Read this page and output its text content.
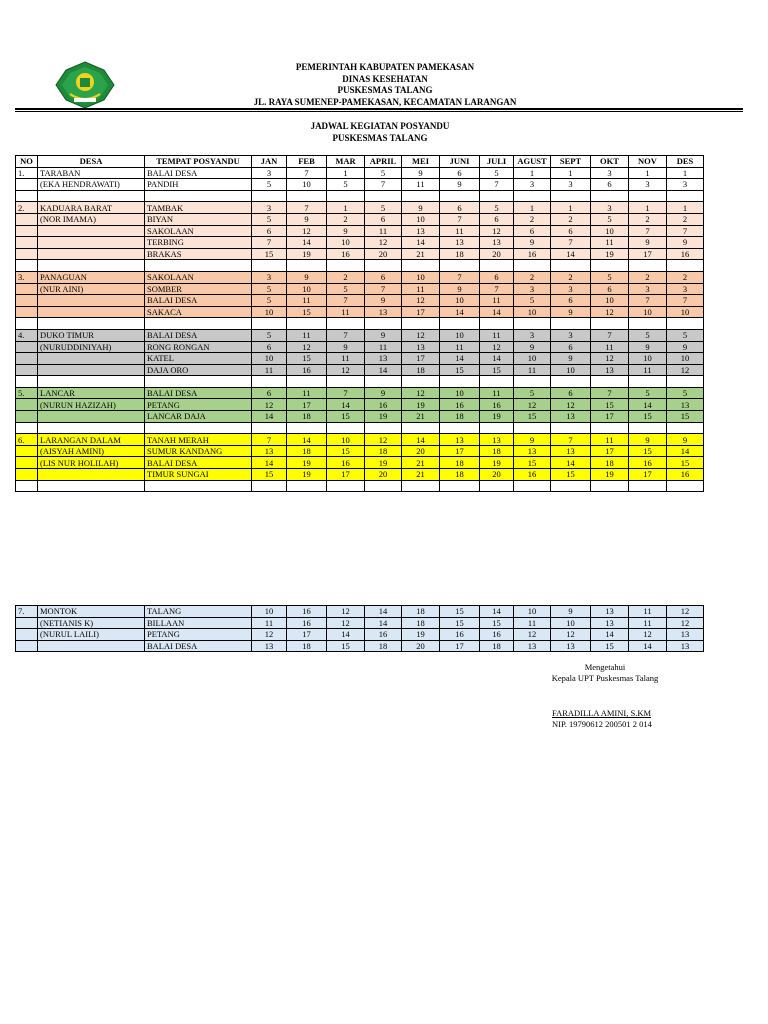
PEMERINTAH KABUPATEN PAMEKASAN
DINAS KESEHATAN
PUSKESMAS TALANG
JL. RAYA SUMENEP-PAMEKASAN, KECAMATAN LARANGAN
JADWAL KEGIATAN POSYANDU
PUSKESMAS TALANG
NO	DESA	TEMPAT POSYANDU	JAN	FEB	MAR	APRIL	MEI	JUNI	JULI	AGUST	SEPT	OKT	NOV	DES
1.	TARABAN	BALAI DESA	3	7	1	5	9	6	5	1	1	3	1	1
	(EKA HENDRAWATI)	PANDIH	5	10	5	7	11	9	7	3	3	6	3	3

2.	KADUARA BARAT	TAMBAK	3	7	1	5	9	6	5	1	1	3	1	1
	(NOR IMAMA)	BIYAN	5	9	2	6	10	7	6	2	2	5	2	2
		SAKOLAAN	6	12	9	11	13	11	12	6	6	10	7	7
		TERBING	7	14	10	12	14	13	13	9	7	11	9	9
		BRAKAS	15	19	16	20	21	18	20	16	14	19	17	16

3.	PANAGUAN	SAKOLAAN	3	9	2	6	10	7	6	2	2	5	2	2
	(NUR AINI)	SOMBER	5	10	5	7	11	9	7	3	3	6	3	3
		BALAI DESA	5	11	7	9	12	10	11	5	6	10	7	7
		SAKACA	10	15	11	13	17	14	14	10	9	12	10	10

4.	DUKO TIMUR	BALAI DESA	5	11	7	9	12	10	11	3	3	7	5	5
	(NURUDDINIYAH)	RONG RONGAN	6	12	9	11	13	11	12	9	6	11	9	9
		KATEL	10	15	11	13	17	14	14	10	9	12	10	10
		DAJA ORO	11	16	12	14	18	15	15	11	10	13	11	12

5.	LANCAR	BALAI DESA	6	11	7	9	12	10	11	5	6	7	5	5
	(NURUN HAZIZAH)	PETANG	12	17	14	16	19	16	16	12	12	15	14	13
		LANCAR DAJA	14	18	15	19	21	18	19	15	13	17	15	15

6.	LARANGAN DALAM	TANAH MERAH	7	14	10	12	14	13	13	9	7	11	9	9
	(AISYAH AMINI)	SUMUR KANDANG	13	18	15	18	20	17	18	13	13	17	15	14
	(LIS NUR HOLILAH)	BALAI DESA	14	19	16	19	21	18	19	15	14	18	16	15
		TIMUR SUNGAI	15	19	17	20	21	18	20	16	15	19	17	16

7.	MONTOK	TALANG	10	16	12	14	18	15	14	10	9	13	11	12
	(NETIANIS K)	BILLAAN	11	16	12	14	18	15	15	11	10	13	11	12
	(NURUL LAILI)	PETANG	12	17	14	16	19	16	16	12	12	14	12	13
		BALAI DESA	13	18	15	18	20	17	18	13	13	15	14	13
Mengetahui
Kepala UPT Puskesmas Talang
FARADILLA AMINI, S.KM
NIP. 19790612 200501 2 014
